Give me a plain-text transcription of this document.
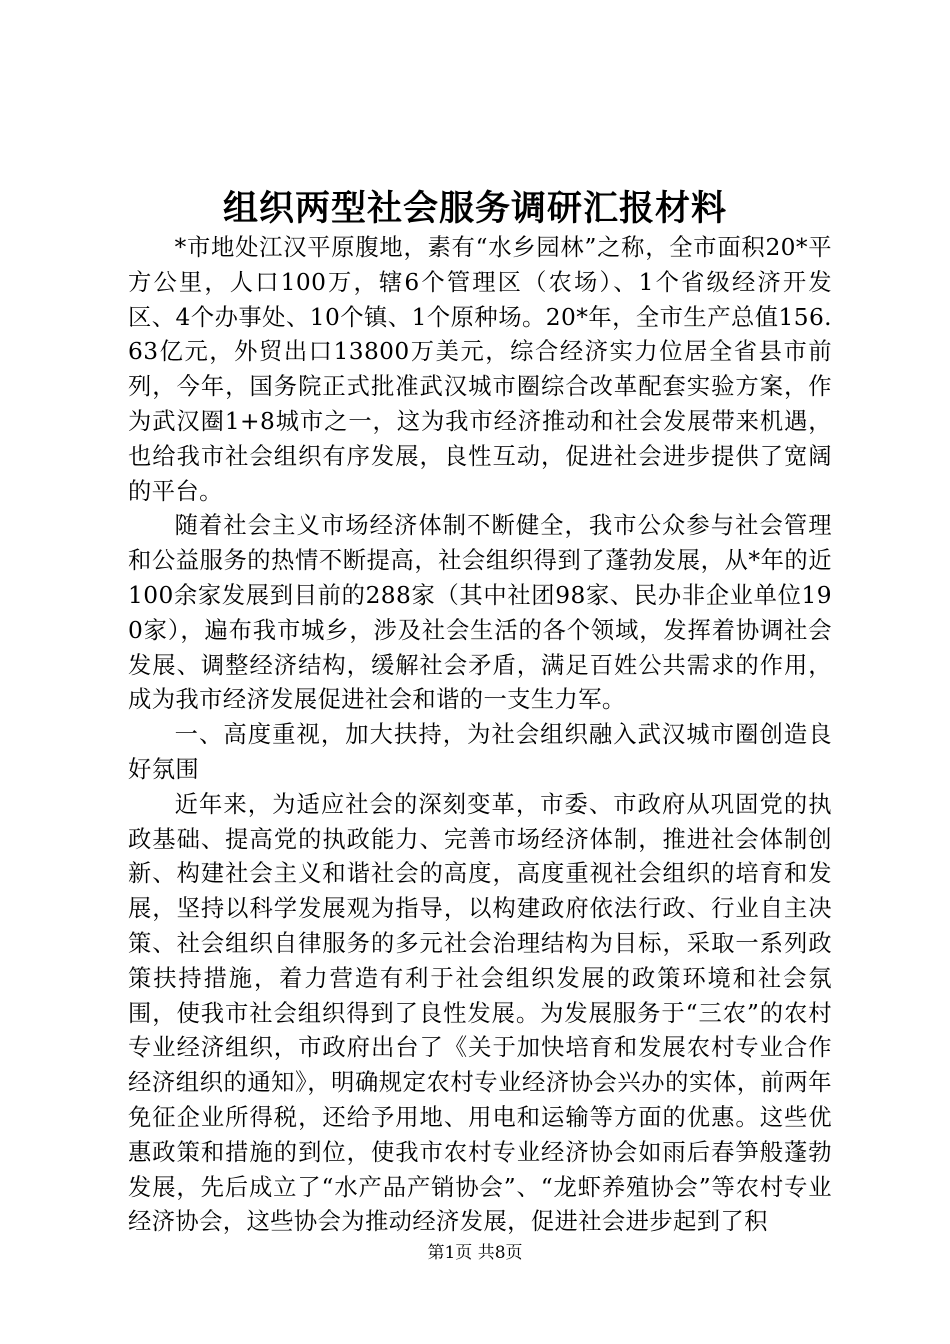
组织两型社会服务调研汇报材料

*市地处江汉平原腹地，素有“水乡园林”之称，全市面积20*平方公里，人口100万，辖6个管理区（农场）、1个省级经济开发区、4个办事处、10个镇、1个原种场。20*年，全市生产总值156.63亿元，外贸出口13800万美元，综合经济实力位居全省县市前列，今年，国务院正式批准武汉城市圈综合改革配套实验方案，作为武汉圈1+8城市之一，这为我市经济推动和社会发展带来机遇，也给我市社会组织有序发展，良性互动，促进社会进步提供了宽阔的平台。

随着社会主义市场经济体制不断健全，我市公众参与社会管理和公益服务的热情不断提高，社会组织得到了蓬勃发展，从*年的近100余家发展到目前的288家（其中社团98家、民办非企业单位190家），遍布我市城乡，涉及社会生活的各个领域，发挥着协调社会发展、调整经济结构，缓解社会矛盾，满足百姓公共需求的作用，成为我市经济发展促进社会和谐的一支生力军。

一、高度重视，加大扶持，为社会组织融入武汉城市圈创造良好氛围

近年来，为适应社会的深刻变革，市委、市政府从巩固党的执政基础、提高党的执政能力、完善市场经济体制，推进社会体制创新、构建社会主义和谐社会的高度，高度重视社会组织的培育和发展，坚持以科学发展观为指导，以构建政府依法行政、行业自主决策、社会组织自律服务的多元社会治理结构为目标，采取一系列政策扶持措施，着力营造有利于社会组织发展的政策环境和社会氛围，使我市社会组织得到了良性发展。为发展服务于“三农”的农村专业经济组织，市政府出台了《关于加快培育和发展农村专业合作经济组织的通知》，明确规定农村专业经济协会兴办的实体，前两年免征企业所得税，还给予用地、用电和运输等方面的优惠。这些优惠政策和措施的到位，使我市农村专业经济协会如雨后春笋般蓬勃发展，先后成立了“水产品产销协会”、“龙虾养殖协会”等农村专业经济协会，这些协会为推动经济发展，促进社会进步起到了积

第1页 共8页
